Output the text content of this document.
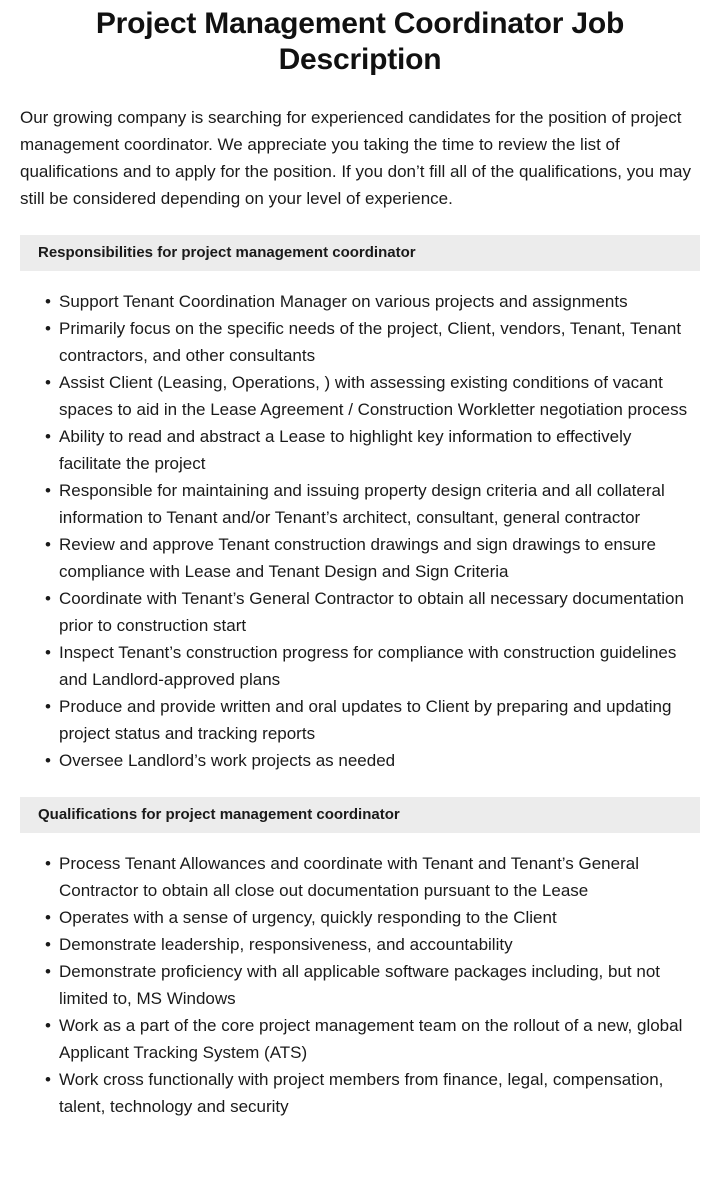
Project Management Coordinator Job Description

Our growing company is searching for experienced candidates for the position of project management coordinator. We appreciate you taking the time to review the list of qualifications and to apply for the position. If you don’t fill all of the qualifications, you may still be considered depending on your level of experience.

Responsibilities for project management coordinator
• Support Tenant Coordination Manager on various projects and assignments
• Primarily focus on the specific needs of the project, Client, vendors, Tenant, Tenant contractors, and other consultants
• Assist Client (Leasing, Operations, ) with assessing existing conditions of vacant spaces to aid in the Lease Agreement / Construction Workletter negotiation process
• Ability to read and abstract a Lease to highlight key information to effectively facilitate the project
• Responsible for maintaining and issuing property design criteria and all collateral information to Tenant and/or Tenant’s architect, consultant, general contractor
• Review and approve Tenant construction drawings and sign drawings to ensure compliance with Lease and Tenant Design and Sign Criteria
• Coordinate with Tenant’s General Contractor to obtain all necessary documentation prior to construction start
• Inspect Tenant’s construction progress for compliance with construction guidelines and Landlord-approved plans
• Produce and provide written and oral updates to Client by preparing and updating project status and tracking reports
• Oversee Landlord’s work projects as needed
Qualifications for project management coordinator
• Process Tenant Allowances and coordinate with Tenant and Tenant’s General Contractor to obtain all close out documentation pursuant to the Lease
• Operates with a sense of urgency, quickly responding to the Client
• Demonstrate leadership, responsiveness, and accountability
• Demonstrate proficiency with all applicable software packages including, but not limited to, MS Windows
• Work as a part of the core project management team on the rollout of a new, global Applicant Tracking System (ATS)
• Work cross functionally with project members from finance, legal, compensation, talent, technology and security
